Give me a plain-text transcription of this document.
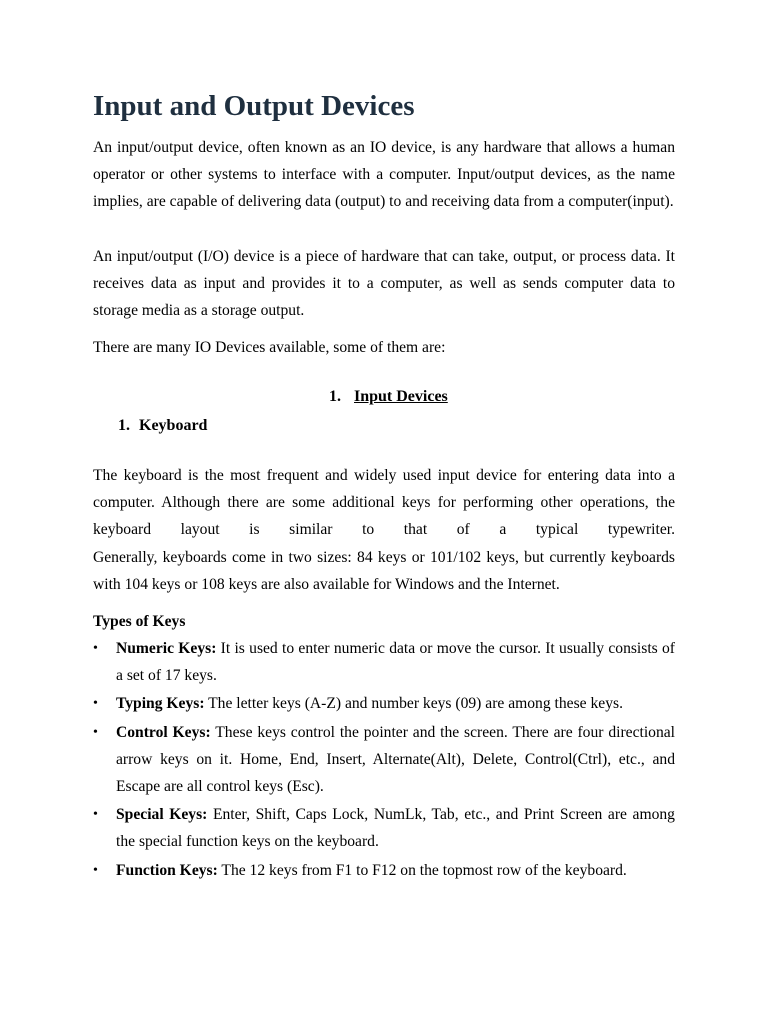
Input and Output Devices

An input/output device, often known as an IO device, is any hardware that allows a human operator or other systems to interface with a computer. Input/output devices, as the name implies, are capable of delivering data (output) to and receiving data from a computer(input).

An input/output (I/O) device is a piece of hardware that can take, output, or process data. It receives data as input and provides it to a computer, as well as sends computer data to storage media as a storage output.

There are many IO Devices available, some of them are:

1. Input Devices
1. Keyboard

The keyboard is the most frequent and widely used input device for entering data into a computer. Although there are some additional keys for performing other operations, the keyboard layout is similar to that of a typical typewriter.
Generally, keyboards come in two sizes: 84 keys or 101/102 keys, but currently keyboards with 104 keys or 108 keys are also available for Windows and the Internet.

Types of Keys

• Numeric Keys: It is used to enter numeric data or move the cursor. It usually consists of a set of 17 keys.
• Typing Keys: The letter keys (A-Z) and number keys (09) are among these keys.
• Control Keys: These keys control the pointer and the screen. There are four directional arrow keys on it. Home, End, Insert, Alternate(Alt), Delete, Control(Ctrl), etc., and Escape are all control keys (Esc).
• Special Keys: Enter, Shift, Caps Lock, NumLk, Tab, etc., and Print Screen are among the special function keys on the keyboard.
• Function Keys: The 12 keys from F1 to F12 on the topmost row of the keyboard.
